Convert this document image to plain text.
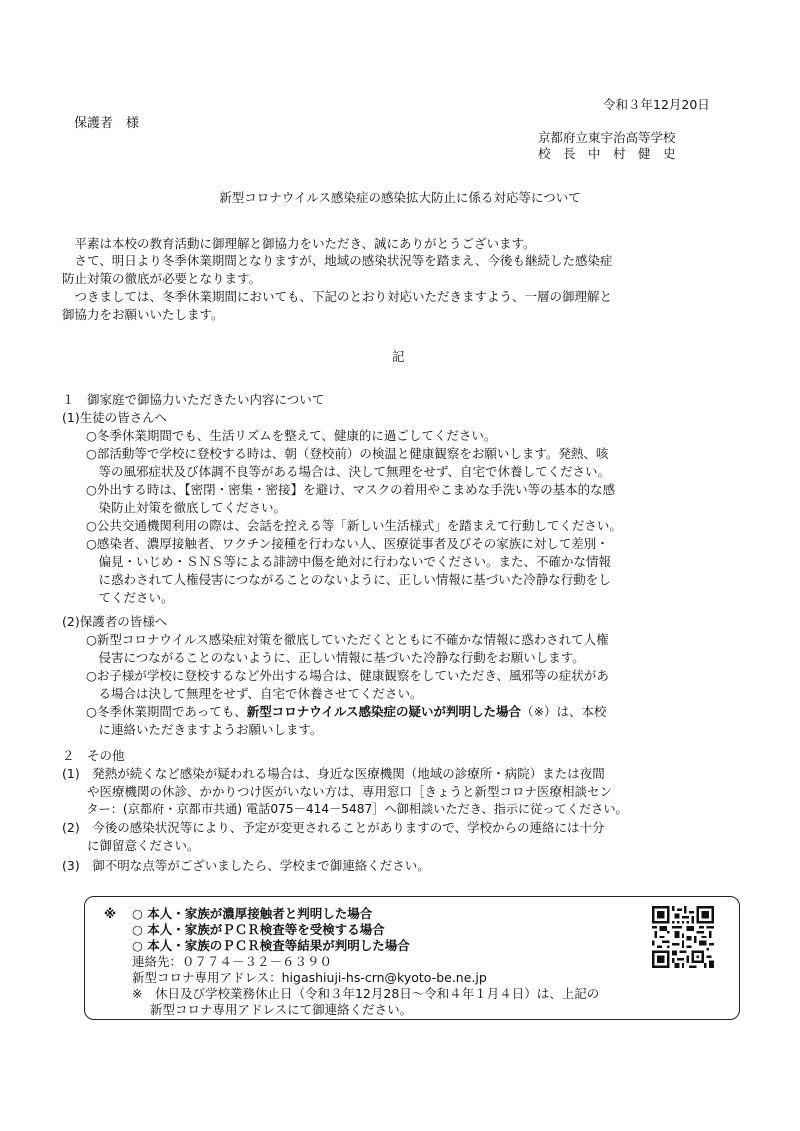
令和３年12月20日
保護者　様
京都府立東宇治高等学校
校　長　中　村　健　史
新型コロナウイルス感染症の感染拡大防止に係る対応等について
　平素は本校の教育活動に御理解と御協力をいただき、誠にありがとうございます。
　さて、明日より冬季休業期間となりますが、地域の感染状況等を踏まえ、今後も継続した感染症
防止対策の徹底が必要となります。
　つきましては、冬季休業期間においても、下記のとおり対応いただきますよう、一層の御理解と
御協力をお願いいたします。
記
１　御家庭で御協力いただきたい内容について
(1)生徒の皆さんへ
○冬季休業期間でも、生活リズムを整えて、健康的に過ごしてください。
○部活動等で学校に登校する時は、朝（登校前）の検温と健康観察をお願いします。発熱、咳
　等の風邪症状及び体調不良等がある場合は、決して無理をせず、自宅で休養してください。
○外出する時は、【密閉・密集・密接】を避け、マスクの着用やこまめな手洗い等の基本的な感
　染防止対策を徹底してください。
○公共交通機関利用の際は、会話を控える等「新しい生活様式」を踏まえて行動してください。
○感染者、濃厚接触者、ワクチン接種を行わない人、医療従事者及びその家族に対して差別・
　偏見・いじめ・ＳＮＳ等による誹謗中傷を絶対に行わないでください。また、不確かな情報
　に惑わされて人権侵害につながることのないように、正しい情報に基づいた冷静な行動をし
　てください。
(2)保護者の皆様へ
○新型コロナウイルス感染症対策を徹底していただくとともに不確かな情報に惑わされて人権
　侵害につながることのないように、正しい情報に基づいた冷静な行動をお願いします。
○お子様が学校に登校するなど外出する場合は、健康観察をしていただき、風邪等の症状があ
　る場合は決して無理をせず、自宅で休養させてください。
○冬季休業期間であっても、新型コロナウイルス感染症の疑いが判明した場合（※）は、本校
　に連絡いただきますようお願いします。
２　その他
(1)　発熱が続くなど感染が疑われる場合は、身近な医療機関（地域の診療所・病院）または夜間
　　や医療機関の休診、かかりつけ医がいない方は、専用窓口［きょうと新型コロナ医療相談セン
　　ター：(京都府・京都市共通) 電話075－414－5487］へ御相談いただき、指示に従ってください。
(2)　今後の感染状況等により、予定が変更されることがありますので、学校からの連絡には十分
　　に御留意ください。
(3)　御不明な点等がございましたら、学校まで御連絡ください。
※ ○ 本人・家族が濃厚接触者と判明した場合
○ 本人・家族がＰＣＲ検査等を受検する場合
○ 本人・家族のＰＣＲ検査等結果が判明した場合
連絡先：０７７４－３２－６３９０
新型コロナ専用アドレス：higashiuji-hs-crn@kyoto-be.ne.jp
※　休日及び学校業務休止日（令和３年12月28日～令和４年１月４日）は、上記の
新型コロナ専用アドレスにて御連絡ください。
